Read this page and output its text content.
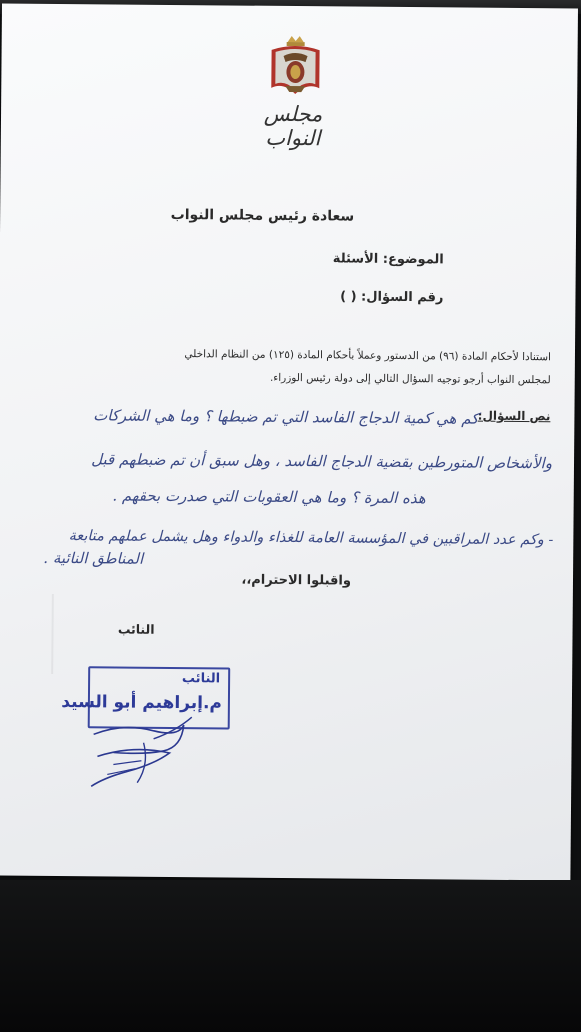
مجلس النواب
سعادة رئيس مجلس النواب
الموضوع: الأسئلة
رقم السؤال: ( )
استنادا لأحكام المادة (٩٦) من الدستور وعملاً بأحكام المادة (١٢٥) من النظام الداخلي
لمجلس النواب أرجو توجيه السؤال التالي إلى دولة رئيس الوزراء.
نص السؤال:
كم هي كمية الدجاج الفاسد التي تم ضبطها ؟ وما هي الشركات
والأشخاص المتورطين بقضية الدجاج الفاسد ، وهل سبق أن تم ضبطهم قبل
هذه المرة ؟ وما هي العقوبات التي صدرت بحقهم .
- وكم عدد المراقبين في المؤسسة العامة للغذاء والدواء وهل يشمل عملهم متابعة
المناطق النائية .
واقبلوا الاحترام،،
النائب
النائب
م.إبراهيم أبو السيد
